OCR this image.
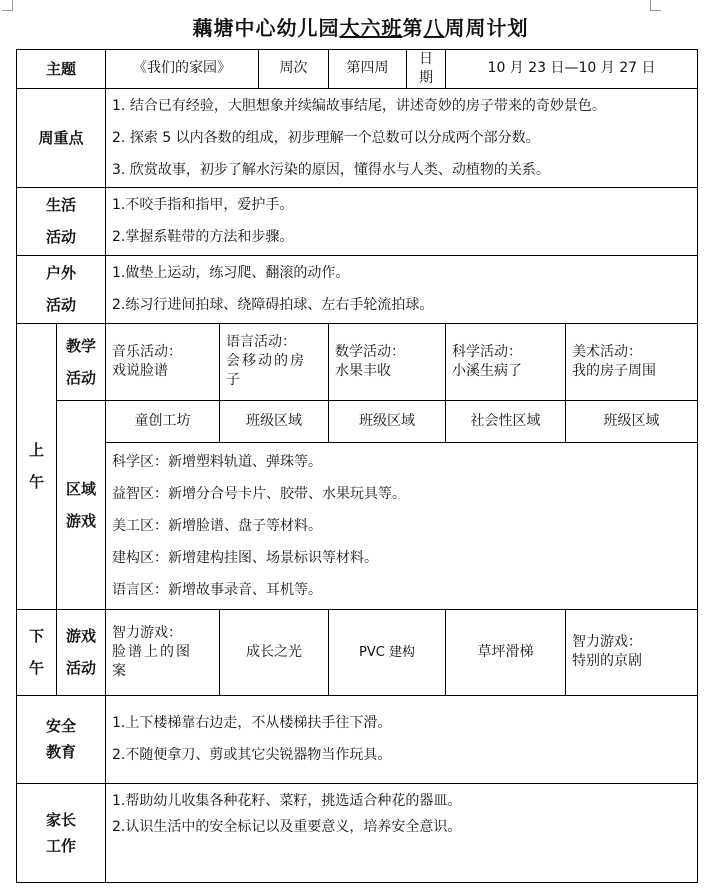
藕塘中心幼儿园大六班第八周周计划
主题		《我们的家园》		周次	第四周	日期	10 月 23 日—10 月 27 日	
周重点		1. 结合已有经验，大胆想象并续编故事结尾，讲述奇妙的房子带来的奇妙景色。
2. 探索 5 以内各数的组成，初步理解一个总数可以分成两个部分数。
3. 欣赏故事，初步了解水污染的原因，懂得水与人类、动植物的关系。						

生活
活动		1.不咬手指和指甲，爱护手。
2.掌握系鞋带的方法和步骤。						

户外
活动		1.做垫上运动，练习爬、翻滚的动作。
2.练习行进间拍球、绕障碍拍球、左右手轮流拍球。						

上
午	教学
活动	音乐活动：
戏说脸谱	语言活动：
会移动的房
子		数学活动：
水果丰收		科学活动：
小溪生病了	美术活动：
我的房子周围

	区域
游戏	童创工坊	班级区域		班级区域		社会性区域	班级区域

		科学区：新增塑料轨道、弹珠等。
益智区：新增分合号卡片、胶带、水果玩具等。
美工区：新增脸谱、盘子等材料。
建构区：新增建构挂图、场景标识等材料。
语言区：新增故事录音、耳机等。						

下
午	游戏
活动	智力游戏：
脸谱上的图
案	成长之光		PVC 建构		草坪滑梯	智力游戏：
特别的京剧

安全
教育		1.上下楼梯靠右边走，不从楼梯扶手往下滑。
2.不随便拿刀、剪或其它尖锐器物当作玩具。						

家长
工作		1.帮助幼儿收集各种花籽、菜籽，挑选适合种花的器皿。
2.认识生活中的安全标记以及重要意义，培养安全意识。						
